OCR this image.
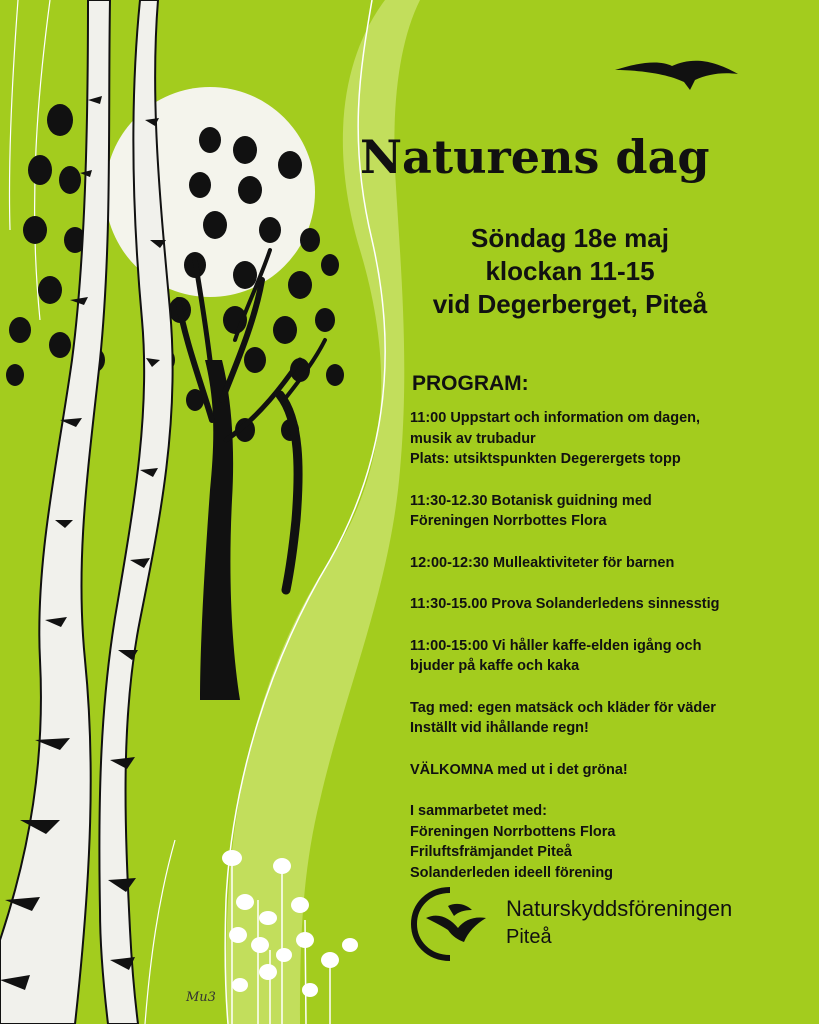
Naturens dag
Söndag 18e maj
klockan 11-15
vid Degerberget, Piteå
PROGRAM:
11:00 Uppstart och information om dagen,
musik av trubadur
Plats: utsiktspunkten Degerergets topp
11:30-12.30 Botanisk guidning med
Föreningen Norrbottes Flora
12:00-12:30 Mulleaktiviteter för barnen
11:30-15.00 Prova Solanderledens sinnesstig
11:00-15:00 Vi håller kaffe-elden igång och
bjuder på kaffe och kaka
Tag med: egen matsäck och kläder för väder
Inställt vid ihållande regn!
VÄLKOMNA med ut i det gröna!
I sammarbetet med:
Föreningen Norrbottens Flora
Friluftsfrämjandet Piteå
Solanderleden ideell förening
Naturskyddsföreningen
Piteå
Mu3
